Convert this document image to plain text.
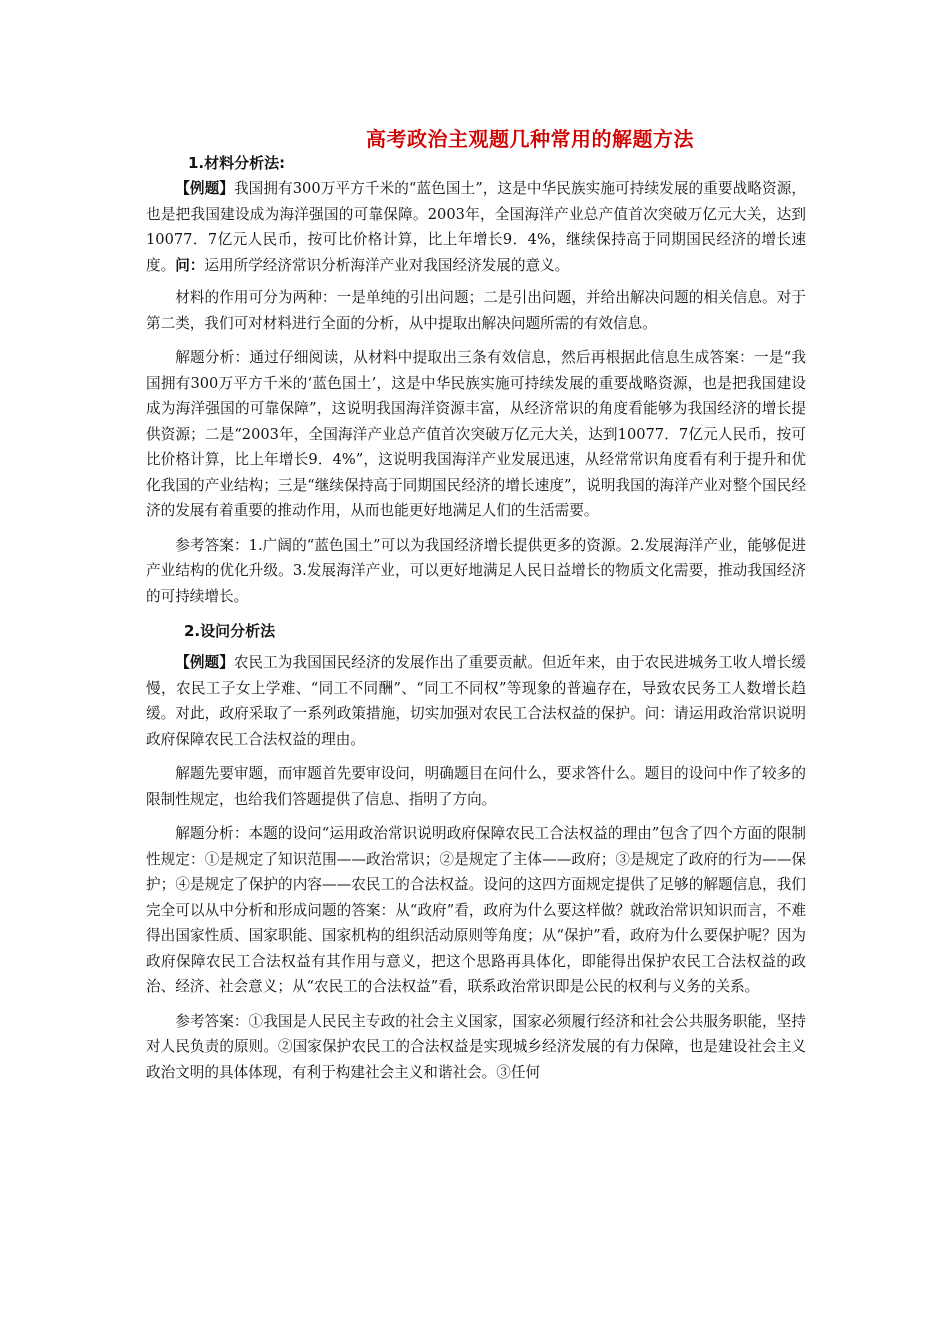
高考政治主观题几种常用的解题方法

1.材料分析法:

【例题】我国拥有300万平方千米的“蓝色国土”，这是中华民族实施可持续发展的重要战略资源，也是把我国建设成为海洋强国的可靠保障。2003年，全国海洋产业总产值首次突破万亿元大关，达到10077．7亿元人民币，按可比价格计算，比上年增长9．4%，继续保持高于同期国民经济的增长速度。问：运用所学经济常识分析海洋产业对我国经济发展的意义。

材料的作用可分为两种：一是单纯的引出问题；二是引出问题，并给出解决问题的相关信息。对于第二类，我们可对材料进行全面的分析，从中提取出解决问题所需的有效信息。

解题分析：通过仔细阅读，从材料中提取出三条有效信息，然后再根据此信息生成答案：一是“我国拥有300万平方千米的‘蓝色国土’，这是中华民族实施可持续发展的重要战略资源，也是把我国建设成为海洋强国的可靠保障”，这说明我国海洋资源丰富，从经济常识的角度看能够为我国经济的增长提供资源；二是“2003年，全国海洋产业总产值首次突破万亿元大关，达到10077．7亿元人民币，按可比价格计算，比上年增长9．4%”，这说明我国海洋产业发展迅速，从经常常识角度看有利于提升和优化我国的产业结构；三是“继续保持高于同期国民经济的增长速度”，说明我国的海洋产业对整个国民经济的发展有着重要的推动作用，从而也能更好地满足人们的生活需要。

参考答案：1.广阔的“蓝色国土”可以为我国经济增长提供更多的资源。2.发展海洋产业，能够促进产业结构的优化升级。3.发展海洋产业，可以更好地满足人民日益增长的物质文化需要，推动我国经济的可持续增长。

2.设问分析法

【例题】农民工为我国国民经济的发展作出了重要贡献。但近年来，由于农民进城务工收人增长缓慢，农民工子女上学难、“同工不同酬”、“同工不同权”等现象的普遍存在，导致农民务工人数增长趋缓。对此，政府采取了一系列政策措施，切实加强对农民工合法权益的保护。问：请运用政治常识说明政府保障农民工合法权益的理由。

解题先要审题，而审题首先要审设问，明确题目在问什么，要求答什么。题目的设问中作了较多的限制性规定，也给我们答题提供了信息、指明了方向。

解题分析：本题的设问“运用政治常识说明政府保障农民工合法权益的理由”包含了四个方面的限制性规定：①是规定了知识范围——政治常识；②是规定了主体——政府；③是规定了政府的行为——保护；④是规定了保护的内容——农民工的合法权益。设问的这四方面规定提供了足够的解题信息，我们完全可以从中分析和形成问题的答案：从“政府”看，政府为什么要这样做？就政治常识知识而言，不难得出国家性质、国家职能、国家机构的组织活动原则等角度；从“保护”看，政府为什么要保护呢？因为政府保障农民工合法权益有其作用与意义，把这个思路再具体化，即能得出保护农民工合法权益的政治、经济、社会意义；从“农民工的合法权益”看，联系政治常识即是公民的权利与义务的关系。

参考答案：①我国是人民民主专政的社会主义国家，国家必须履行经济和社会公共服务职能，坚持对人民负责的原则。②国家保护农民工的合法权益是实现城乡经济发展的有力保障，也是建设社会主义政治文明的具体体现，有利于构建社会主义和谐社会。③任何
